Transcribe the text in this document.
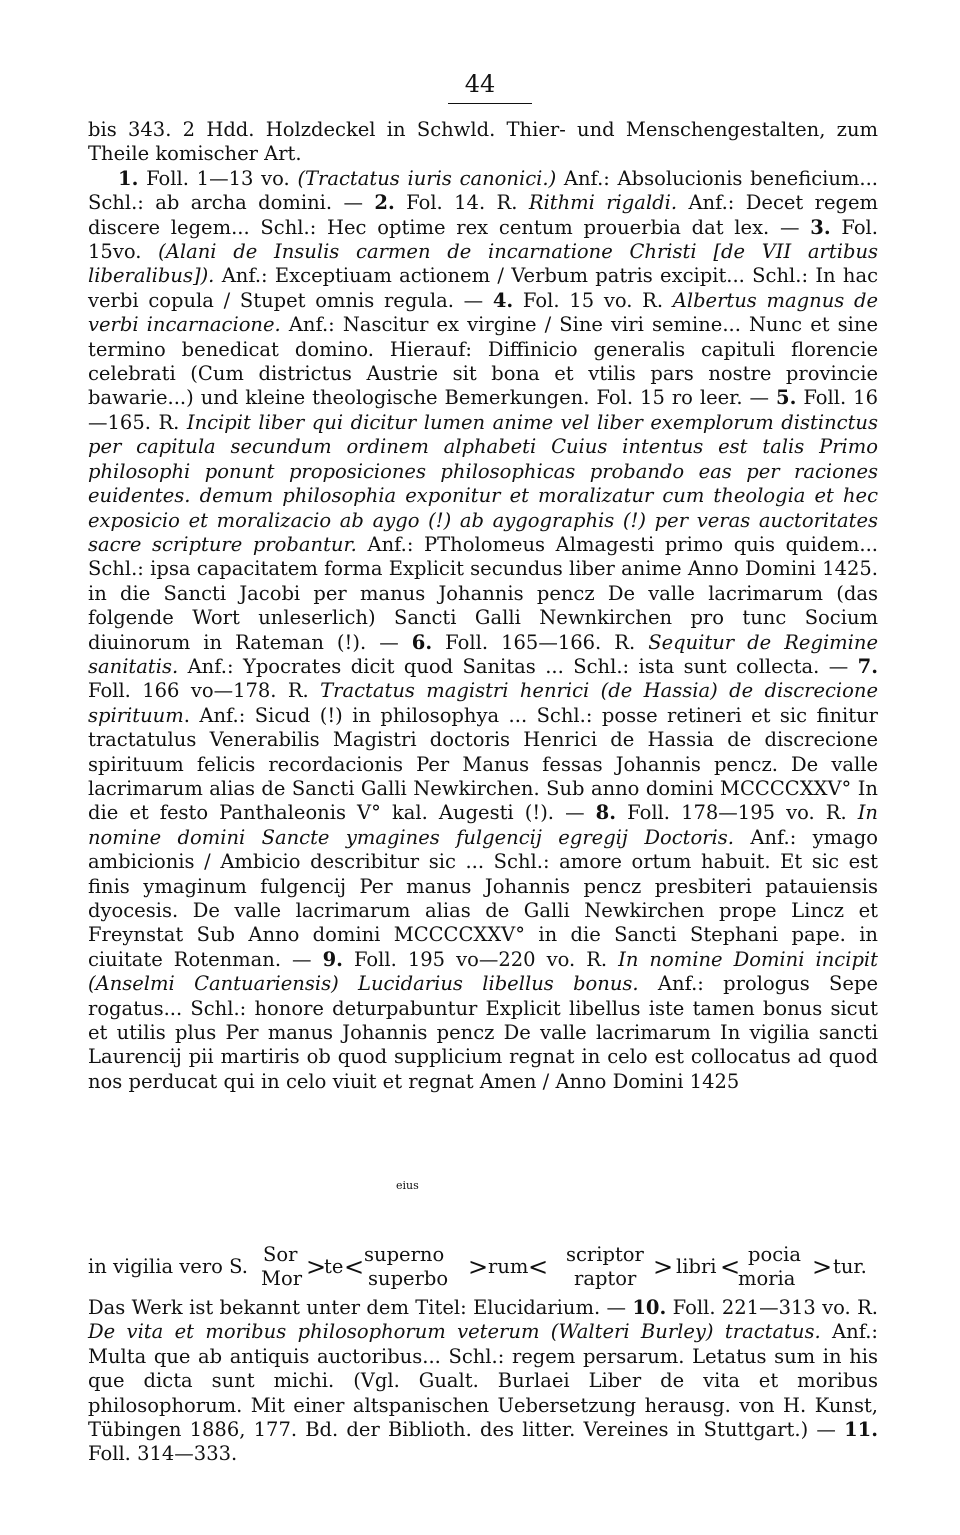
44

bis 343. 2 Hdd. Holzdeckel in Schwld. Thier- und Menschengestalten, zum Theile komischer Art.

1. Foll. 1—13 vo. (Tractatus iuris canonici.) Anf.: Absolucionis beneficium... Schl.: ab archa domini. — 2. Fol. 14. R. Rithmi rigaldi. Anf.: Decet regem discere legem... Schl.: Hec optime rex centum prouerbia dat lex. — 3. Fol. 15vo. (Alani de Insulis carmen de incarnatione Christi [de VII artibus liberalibus]). Anf.: Exceptiuam actionem / Verbum patris excipit... Schl.: In hac verbi copula / Stupet omnis regula. — 4. Fol. 15 vo. R. Albertus magnus de verbi incarnacione. Anf.: Nascitur ex virgine / Sine viri semine... Nunc et sine termino benedicat domino. Hierauf: Diffinicio generalis capituli florencie celebrati (Cum districtus Austrie sit bona et vtilis pars nostre provincie bawarie...) und kleine theologische Bemerkungen. Fol. 15 ro leer. — 5. Foll. 16—165. R. Incipit liber qui dicitur lumen anime vel liber exemplorum distinctus per capitula secundum ordinem alphabeti Cuius intentus est talis Primo philosophi ponunt proposiciones philosophicas probando eas per raciones euidentes. demum philosophia exponitur et moralizatur cum theologia et hec exposicio et moralizacio ab aygo (!) ab aygographis (!) per veras auctoritates sacre scripture probantur. Anf.: PTholomeus Almagesti primo quis quidem... Schl.: ipsa capacitatem forma Explicit secundus liber anime Anno Domini 1425. in die Sancti Jacobi per manus Johannis pencz De valle lacrimarum (das folgende Wort unleserlich) Sancti Galli Newnkirchen pro tunc Socium diuinorum in Rateman (!). — 6. Foll. 165—166. R. Sequitur de Regimine sanitatis. Anf.: Ypocrates dicit quod Sanitas ... Schl.: ista sunt collecta. — 7. Foll. 166 vo—178. R. Tractatus magistri henrici (de Hassia) de discrecione spirituum. Anf.: Sicud (!) in philosophya ... Schl.: posse retineri et sic finitur tractatulus Venerabilis Magistri doctoris Henrici de Hassia de discrecione spirituum felicis recordacionis Per Manus fessas Johannis pencz. De valle lacrimarum alias de Sancti Galli Newkirchen. Sub anno domini MCCCCXXV° In die et festo Panthaleonis V° kal. Augesti (!). — 8. Foll. 178—195 vo. R. In nomine domini Sancte ymagines fulgencij egregij Doctoris. Anf.: ymago ambicionis / Ambicio describitur sic ... Schl.: amore ortum habuit. Et sic est finis ymaginum fulgencij Per manus Johannis pencz presbiteri patauiensis dyocesis. De valle lacrimarum alias de Galli Newkirchen prope Lincz et Freynstat Sub Anno domini MCCCCXXV° in die Sancti Stephani pape. in ciuitate Rotenman. — 9. Foll. 195 vo—220 vo. R. In nomine Domini incipit (Anselmi Cantuariensis) Lucidarius libellus bonus. Anf.: prologus Sepe rogatus... Schl.: honore deturpabuntur Explicit libellus iste tamen bonus sicut et utilis plus Per manus Johannis pencz De valle lacrimarum In vigilia sancti Laurencij pii martiris ob quod supplicium regnat in celo est collocatus ad quod nos perducat qui in celo viuit et regnat Amen / Anno Domini 1425

eius
in vigilia vero S.
Sor
Mor >
te < superno
superbo > rum < scriptor
raptor > libri < pocia
moria > tur.
Das Werk ist bekannt unter dem Titel: Elucidarium. — 10. Foll. 221—313 vo. R. De vita et moribus philosophorum veterum (Walteri Burley) tractatus. Anf.: Multa que ab antiquis auctoribus... Schl.: regem persarum. Letatus sum in his que dicta sunt michi. (Vgl. Gualt. Burlaei Liber de vita et moribus philosophorum. Mit einer altspanischen Uebersetzung herausg. von H. Kunst, Tübingen 1886, 177. Bd. der Biblioth. des litter. Vereines in Stuttgart.) — 11. Foll. 314—333.
